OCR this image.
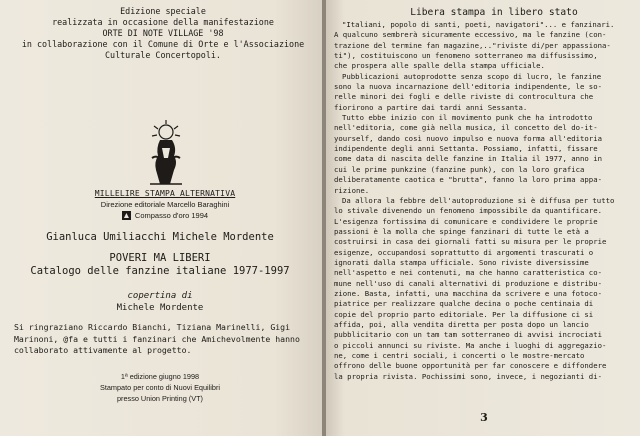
Edizione speciale
realizzata in occasione della manifestazione
ORTE DI NOTE VILLAGE '98
in collaborazione con il Comune di Orte e l'Associazione
Culturale Concertopoli.
MILLELIRE STAMPA ALTERNATIVA
Direzione editoriale Marcello Baraghini
Compasso d'oro 1994
Gianluca Umiliacchi Michele Mordente
POVERI MA LIBERI
Catalogo delle fanzine italiane 1977-1997
copertina di
Michele Mordente
Si ringraziano Riccardo Bianchi, Tiziana Marinelli, Gigi
Marinoni, @fa e tutti i fanzinari che Amichevolmente hanno
collaborato attivamente al progetto.
1ª edizione giugno 1998
Stampato per conto di Nuovi Equilibri
presso Union Printing (VT)
Libera stampa in libero stato
"Italiani, popolo di santi, poeti, navigatori"... e fanzinari.
A qualcuno sembrerà sicuramente eccessivo, ma le fanzine (con-
trazione del termine fan magazine,.."riviste di/per appassiona-
ti"), costituiscono un fenomeno sotterraneo ma diffusissimo,
che prospera alle spalle della stampa ufficiale.
Pubblicazioni autoprodotte senza scopo di lucro, le fanzine
sono la nuova incarnazione dell'editoria indipendente, le so-
relle minori dei fogli e delle riviste di controcultura che
fiorirono a partire dai tardi anni Sessanta.
Tutto ebbe inizio con il movimento punk che ha introdotto
nell'editoria, come già nella musica, il concetto del do-it-
yourself, dando così nuovo impulso e nuova forma all'editoria
indipendente degli anni Settanta. Possiamo, infatti, fissare
come data di nascita delle fanzine in Italia il 1977, anno in
cui le prime punkzine (fanzine punk), con la loro grafica
deliberatamente caotica e "brutta", fanno la loro prima appa-
rizione.
Da allora la febbre dell'autoproduzione si è diffusa per tutto
lo stivale divenendo un fenomeno impossibile da quantificare.
L'esigenza fortissima di comunicare e condividere le proprie
passioni è la molla che spinge fanzinari di tutte le età a
costruirsi in casa dei giornali fatti su misura per le proprie
esigenze, occupandosi soprattutto di argomenti trascurati o
ignorati dalla stampa ufficiale. Sono riviste diversissime
nell'aspetto e nei contenuti, ma che hanno caratteristica co-
mune nell'uso di canali alternativi di produzione e distribu-
zione. Basta, infatti, una macchina da scrivere e una fotoco-
piatrice per realizzare qualche decina o poche centinaia di
copie del proprio parto editoriale. Per la diffusione ci si
affida, poi, alla vendita diretta per posta dopo un lancio
pubblicitario con un tam tam sotterraneo di avvisi incrociati
o piccoli annunci su riviste. Ma anche i luoghi di aggregazio-
ne, come i centri sociali, i concerti o le mostre-mercato
offrono delle buone opportunità per far conoscere e diffondere
la propria rivista. Pochissimi sono, invece, i negozianti di-
3
